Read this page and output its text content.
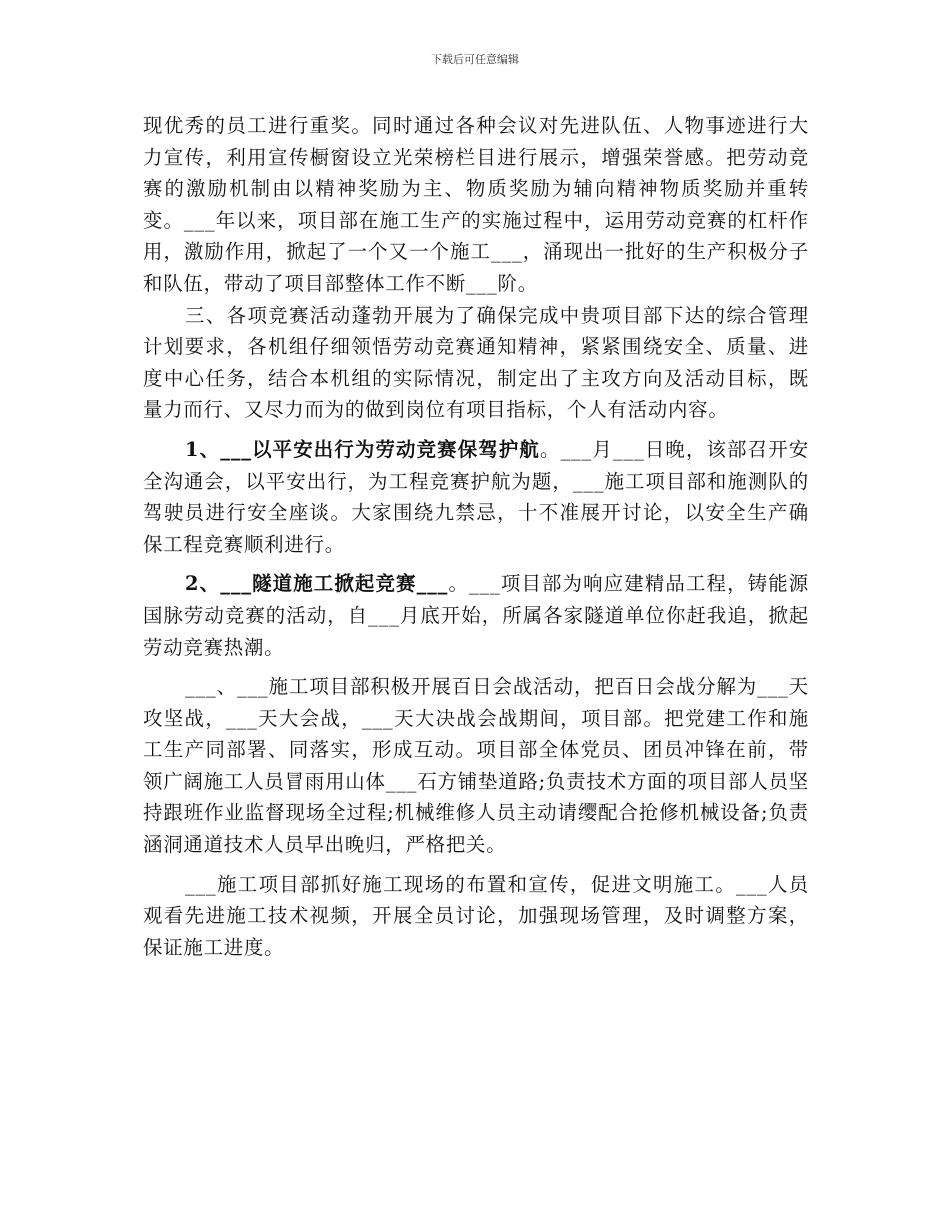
下载后可任意编辑

现优秀的员工进行重奖。同时通过各种会议对先进队伍、人物事迹进行大力宣传，利用宣传橱窗设立光荣榜栏目进行展示，增强荣誉感。把劳动竞赛的激励机制由以精神奖励为主、物质奖励为辅向精神物质奖励并重转变。___年以来，项目部在施工生产的实施过程中，运用劳动竞赛的杠杆作用，激励作用，掀起了一个又一个施工___，涌现出一批好的生产积极分子和队伍，带动了项目部整体工作不断___阶。

三、各项竞赛活动蓬勃开展为了确保完成中贵项目部下达的综合管理计划要求，各机组仔细领悟劳动竞赛通知精神，紧紧围绕安全、质量、进度中心任务，结合本机组的实际情况，制定出了主攻方向及活动目标，既量力而行、又尽力而为的做到岗位有项目指标，个人有活动内容。

1、___以平安出行为劳动竞赛保驾护航。___月___日晚，该部召开安全沟通会，以平安出行，为工程竞赛护航为题，___施工项目部和施测队的驾驶员进行安全座谈。大家围绕九禁忌，十不准展开讨论，以安全生产确保工程竞赛顺利进行。

2、___隧道施工掀起竞赛___。___项目部为响应建精品工程，铸能源国脉劳动竞赛的活动，自___月底开始，所属各家隧道单位你赶我追，掀起劳动竞赛热潮。

___、___施工项目部积极开展百日会战活动，把百日会战分解为___天攻坚战，___天大会战，___天大决战会战期间，项目部。把党建工作和施工生产同部署、同落实，形成互动。项目部全体党员、团员冲锋在前，带领广阔施工人员冒雨用山体___石方铺垫道路;负责技术方面的项目部人员坚持跟班作业监督现场全过程;机械维修人员主动请缨配合抢修机械设备;负责涵洞通道技术人员早出晚归，严格把关。

___施工项目部抓好施工现场的布置和宣传，促进文明施工。___人员观看先进施工技术视频，开展全员讨论，加强现场管理，及时调整方案，保证施工进度。
